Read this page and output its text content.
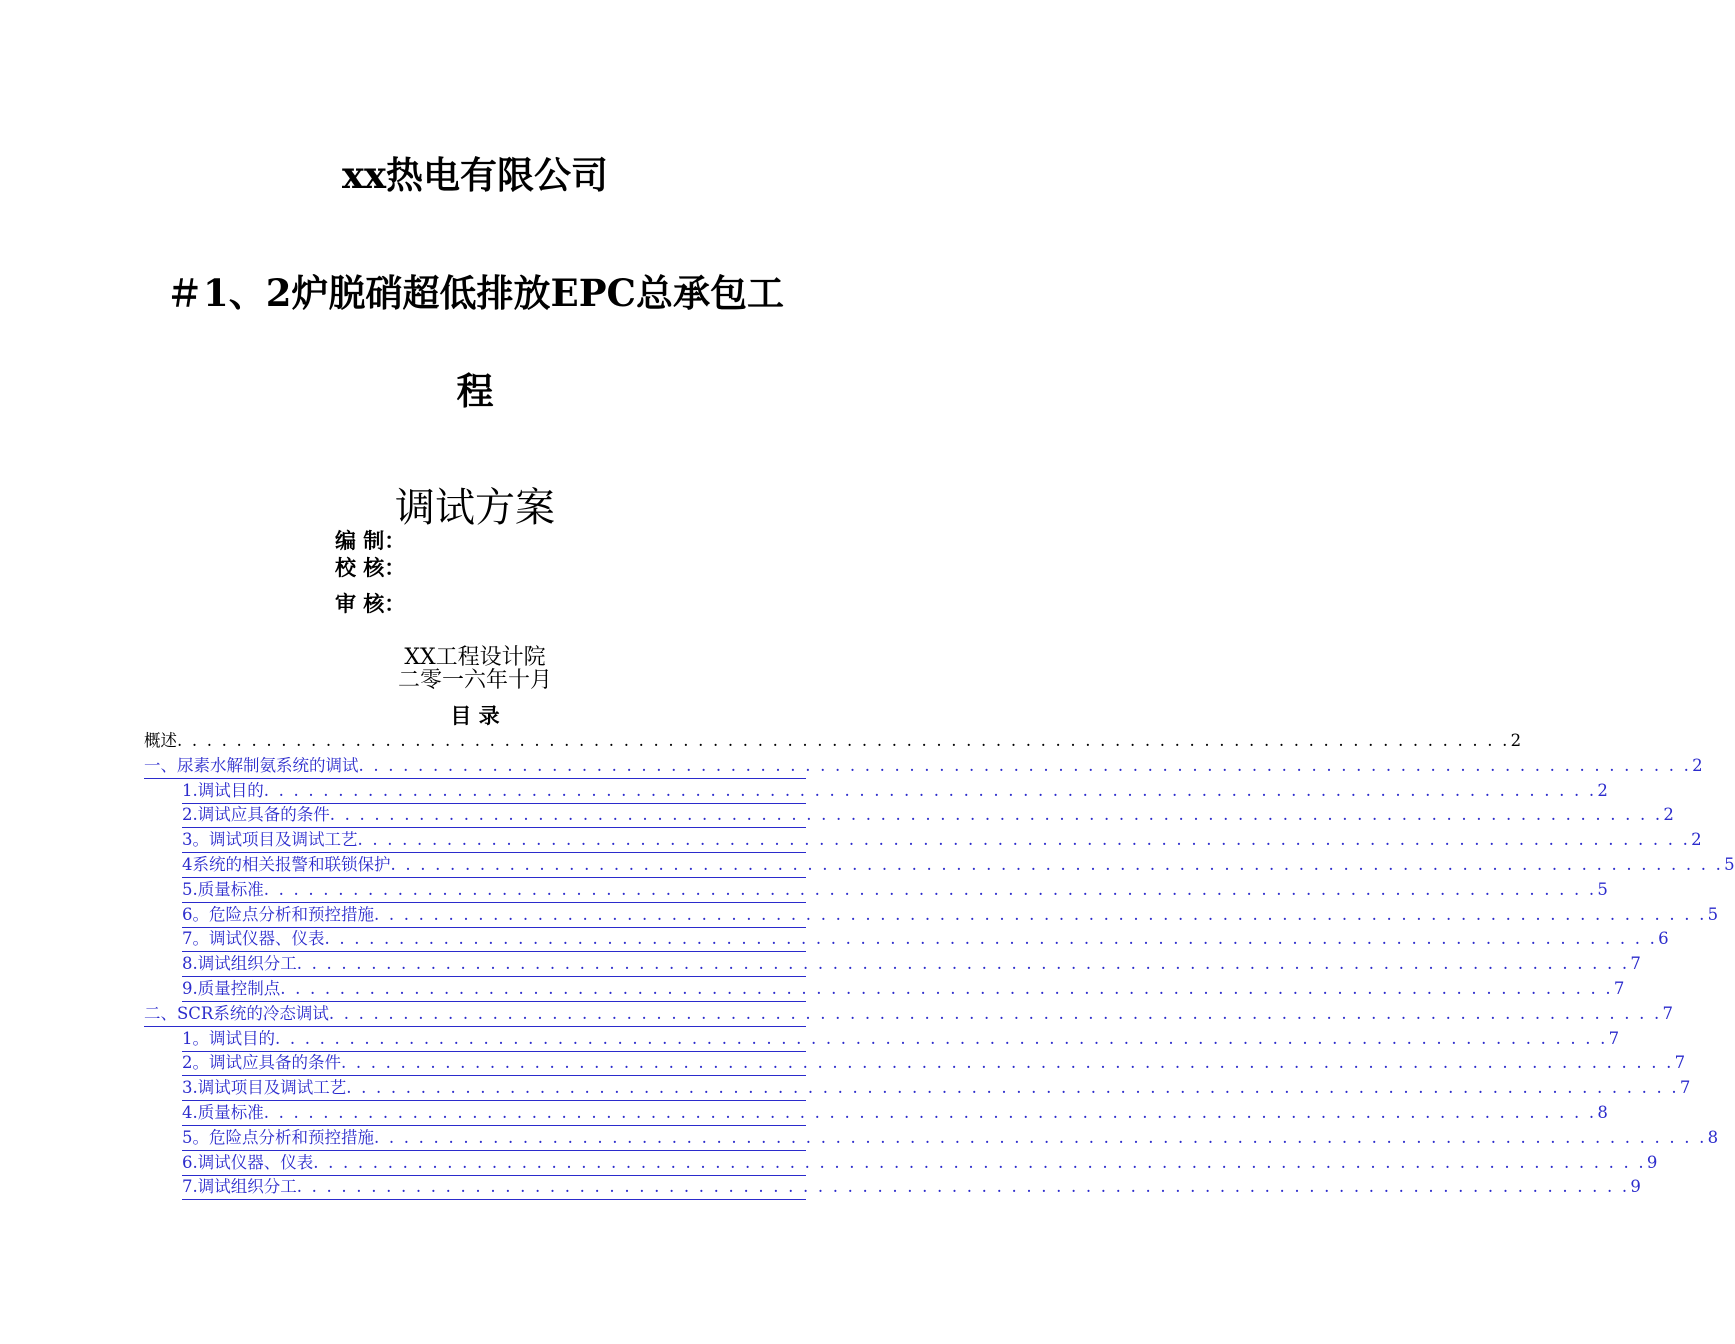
xx热电有限公司
＃1、2炉脱硝超低排放EPC总承包工
程
调试方案
编 制：
校 核：
审 核：
XX工程设计院
二零一六年十月
目 录
概述 . . . . . . . . . . . . . . . . . . . . . . . . . . . . . . . . . . . . . . . . . . . . . . . . . . . . . . . . . . . . . . . . . . . . . . . . . . . . . . . . . . . . . . . . . . 2
一、尿素水解制氨系统的调试 . . . . . . . . . . . . . . . . . . . . . . . . . . . . . . . . . . . . . . . . . . . . . . . . . . . . . . . . . . . . . . . . . . . . . . . . . . . . . . . . . . . . . . . . . . 2
1.调试目的 . . . . . . . . . . . . . . . . . . . . . . . . . . . . . . . . . . . . . . . . . . . . . . . . . . . . . . . . . . . . . . . . . . . . . . . . . . . . . . . . . . . . . . . . . . 2
2.调试应具备的条件 . . . . . . . . . . . . . . . . . . . . . . . . . . . . . . . . . . . . . . . . . . . . . . . . . . . . . . . . . . . . . . . . . . . . . . . . . . . . . . . . . . . . . . . . . . 2
3。调试项目及调试工艺 . . . . . . . . . . . . . . . . . . . . . . . . . . . . . . . . . . . . . . . . . . . . . . . . . . . . . . . . . . . . . . . . . . . . . . . . . . . . . . . . . . . . . . . . . . 2
4系统的相关报警和联锁保护 . . . . . . . . . . . . . . . . . . . . . . . . . . . . . . . . . . . . . . . . . . . . . . . . . . . . . . . . . . . . . . . . . . . . . . . . . . . . . . . . . . . . . . . . . . 5
5.质量标准 . . . . . . . . . . . . . . . . . . . . . . . . . . . . . . . . . . . . . . . . . . . . . . . . . . . . . . . . . . . . . . . . . . . . . . . . . . . . . . . . . . . . . . . . . . 5
6。危险点分析和预控措施 . . . . . . . . . . . . . . . . . . . . . . . . . . . . . . . . . . . . . . . . . . . . . . . . . . . . . . . . . . . . . . . . . . . . . . . . . . . . . . . . . . . . . . . . . . 5
7。调试仪器、仪表 . . . . . . . . . . . . . . . . . . . . . . . . . . . . . . . . . . . . . . . . . . . . . . . . . . . . . . . . . . . . . . . . . . . . . . . . . . . . . . . . . . . . . . . . . . 6
8.调试组织分工 . . . . . . . . . . . . . . . . . . . . . . . . . . . . . . . . . . . . . . . . . . . . . . . . . . . . . . . . . . . . . . . . . . . . . . . . . . . . . . . . . . . . . . . . . . 7
9.质量控制点 . . . . . . . . . . . . . . . . . . . . . . . . . . . . . . . . . . . . . . . . . . . . . . . . . . . . . . . . . . . . . . . . . . . . . . . . . . . . . . . . . . . . . . . . . . 7
二、SCR系统的冷态调试 . . . . . . . . . . . . . . . . . . . . . . . . . . . . . . . . . . . . . . . . . . . . . . . . . . . . . . . . . . . . . . . . . . . . . . . . . . . . . . . . . . . . . . . . . . 7
1。调试目的 . . . . . . . . . . . . . . . . . . . . . . . . . . . . . . . . . . . . . . . . . . . . . . . . . . . . . . . . . . . . . . . . . . . . . . . . . . . . . . . . . . . . . . . . . . 7
2。调试应具备的条件 . . . . . . . . . . . . . . . . . . . . . . . . . . . . . . . . . . . . . . . . . . . . . . . . . . . . . . . . . . . . . . . . . . . . . . . . . . . . . . . . . . . . . . . . . . 7
3.调试项目及调试工艺 . . . . . . . . . . . . . . . . . . . . . . . . . . . . . . . . . . . . . . . . . . . . . . . . . . . . . . . . . . . . . . . . . . . . . . . . . . . . . . . . . . . . . . . . . . 7
4.质量标准 . . . . . . . . . . . . . . . . . . . . . . . . . . . . . . . . . . . . . . . . . . . . . . . . . . . . . . . . . . . . . . . . . . . . . . . . . . . . . . . . . . . . . . . . . . 8
5。危险点分析和预控措施 . . . . . . . . . . . . . . . . . . . . . . . . . . . . . . . . . . . . . . . . . . . . . . . . . . . . . . . . . . . . . . . . . . . . . . . . . . . . . . . . . . . . . . . . . . 8
6.调试仪器、仪表 . . . . . . . . . . . . . . . . . . . . . . . . . . . . . . . . . . . . . . . . . . . . . . . . . . . . . . . . . . . . . . . . . . . . . . . . . . . . . . . . . . . . . . . . . . 9
7.调试组织分工 . . . . . . . . . . . . . . . . . . . . . . . . . . . . . . . . . . . . . . . . . . . . . . . . . . . . . . . . . . . . . . . . . . . . . . . . . . . . . . . . . . . . . . . . . . 9
